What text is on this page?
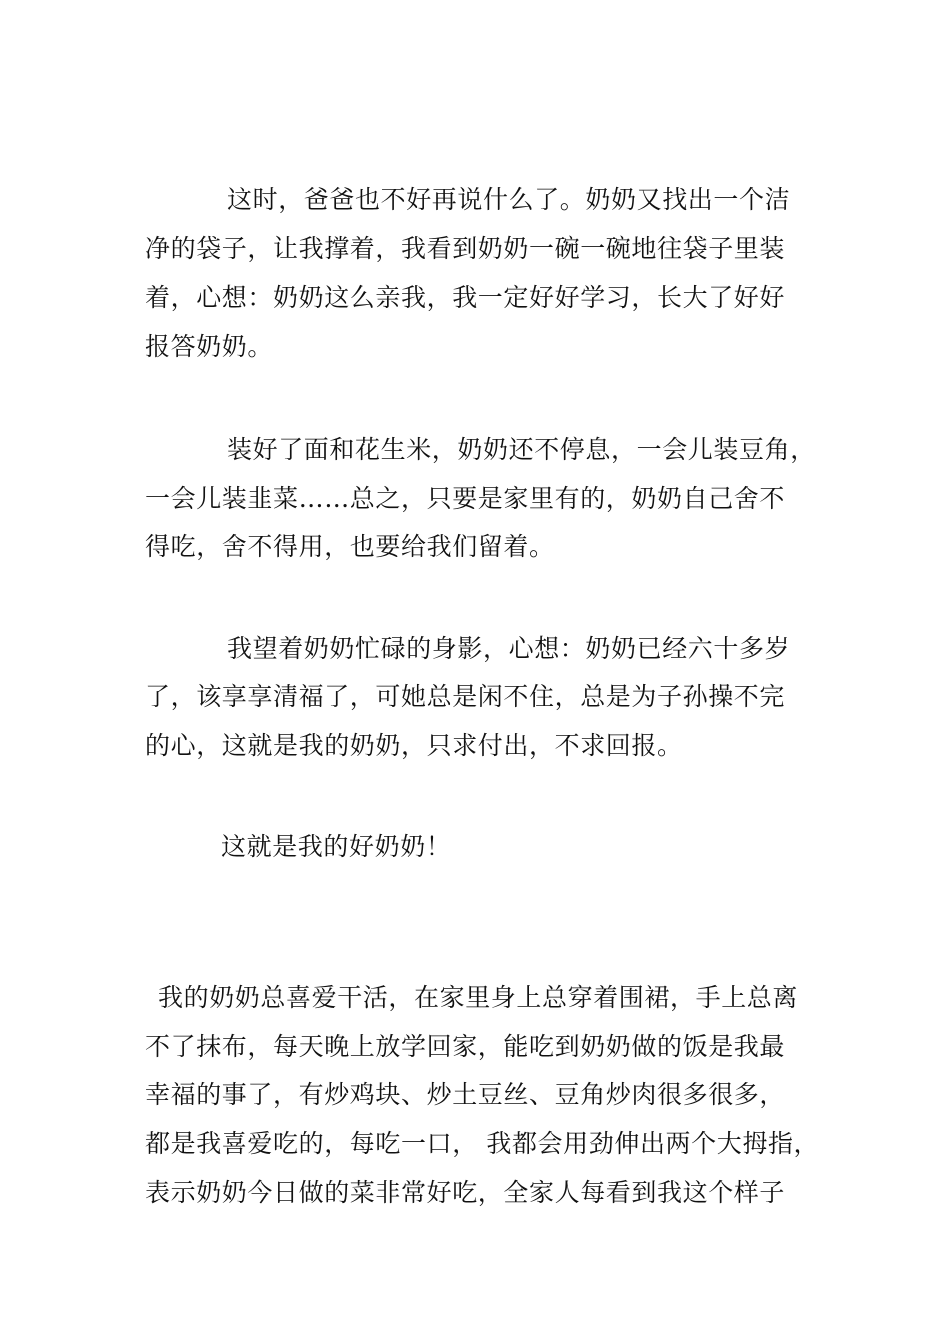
这时，爸爸也不好再说什么了。奶奶又找出一个洁
净的袋子，让我撑着，我看到奶奶一碗一碗地往袋子里装
着，心想：奶奶这么亲我，我一定好好学习，长大了好好
报答奶奶。
装好了面和花生米，奶奶还不停息，一会儿装豆角，
一会儿装韭菜……总之，只要是家里有的，奶奶自己舍不
得吃，舍不得用，也要给我们留着。
我望着奶奶忙碌的身影，心想：奶奶已经六十多岁
了，该享享清福了，可她总是闲不住，总是为子孙操不完
的心，这就是我的奶奶，只求付出，不求回报。
这就是我的好奶奶！
我的奶奶总喜爱干活，在家里身上总穿着围裙，手上总离
不了抹布，每天晚上放学回家，能吃到奶奶做的饭是我最
幸福的事了，有炒鸡块、炒土豆丝、豆角炒肉很多很多，
都是我喜爱吃的，每吃一口， 我都会用劲伸出两个大拇指，
表示奶奶今日做的菜非常好吃，全家人每看到我这个样子
